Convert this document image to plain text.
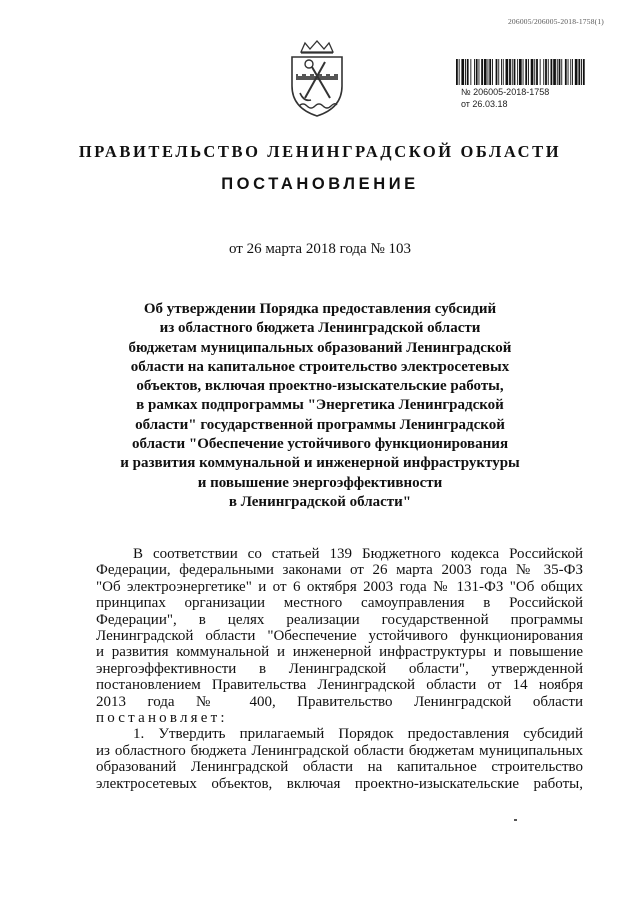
206005/206005-2018-1758(1)
№ 206005-2018-1758
от 26.03.18
ПРАВИТЕЛЬСТВО ЛЕНИНГРАДСКОЙ ОБЛАСТИ
ПОСТАНОВЛЕНИЕ
от 26 марта 2018 года № 103
Об утверждении Порядка предоставления субсидий
из областного бюджета Ленинградской области
бюджетам муниципальных образований Ленинградской
области на капитальное строительство электросетевых
объектов, включая проектно-изыскательские работы,
в рамках подпрограммы "Энергетика Ленинградской
области" государственной программы Ленинградской
области "Обеспечение устойчивого функционирования
и развития коммунальной и инженерной инфраструктуры
и повышение энергоэффективности
в Ленинградской области"
В соответствии со статьей 139 Бюджетного кодекса Российской
Федерации, федеральными законами от 26 марта 2003 года № 35-ФЗ
"Об электроэнергетике" и от 6 октября 2003 года № 131-ФЗ "Об общих
принципах организации местного самоуправления в Российской
Федерации", в целях реализации государственной программы
Ленинградской области "Обеспечение устойчивого функционирования
и развития коммунальной и инженерной инфраструктуры и повышение
энергоэффективности в Ленинградской области", утвержденной
постановлением Правительства Ленинградской области от 14 ноября
2013 года № 400, Правительство Ленинградской области
постановляет:
1. Утвердить прилагаемый Порядок предоставления субсидий
из областного бюджета Ленинградской области бюджетам муниципальных
образований Ленинградской области на капитальное строительство
электросетевых объектов, включая проектно-изыскательские работы,
